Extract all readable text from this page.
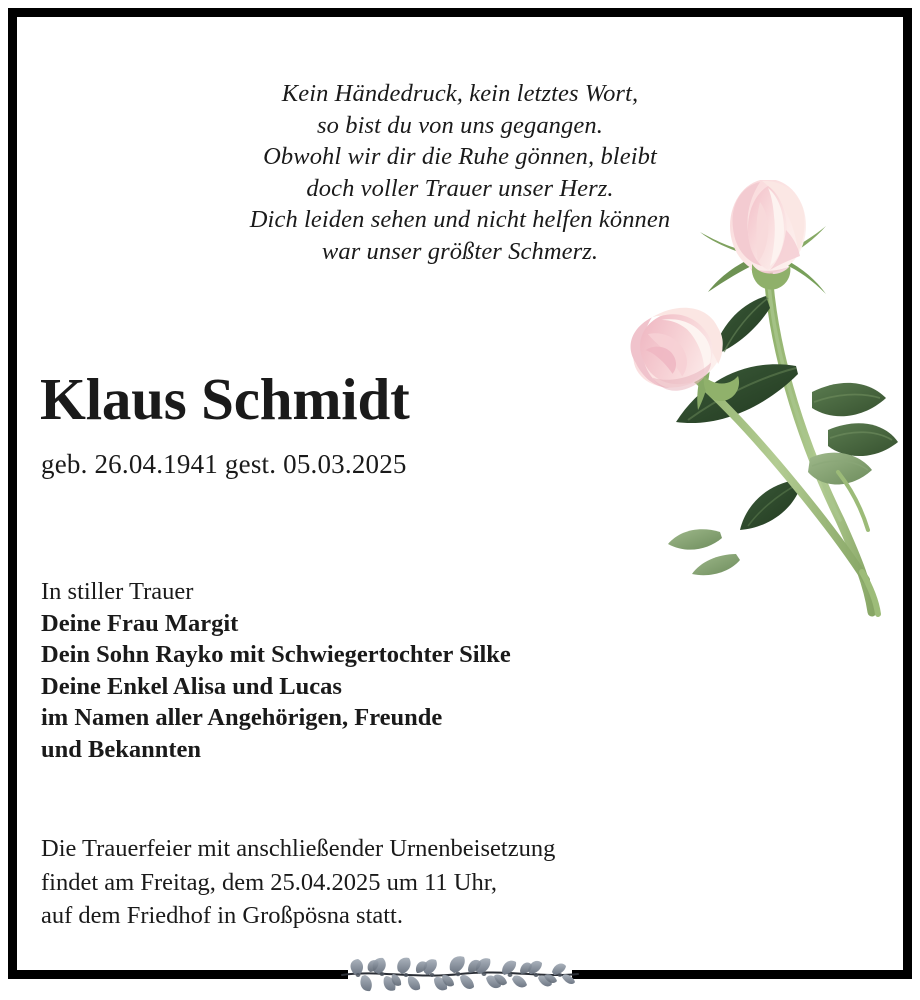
Kein Händedruck, kein letztes Wort,
so bist du von uns gegangen.
Obwohl wir dir die Ruhe gönnen, bleibt
doch voller Trauer unser Herz.
Dich leiden sehen und nicht helfen können
war unser größter Schmerz.
Klaus Schmidt
geb. 26.04.1941 gest. 05.03.2025
In stiller Trauer
Deine Frau Margit
Dein Sohn Rayko mit Schwiegertochter Silke
Deine Enkel Alisa und Lucas
im Namen aller Angehörigen, Freunde
und Bekannten
Die Trauerfeier mit anschließender Urnenbeisetzung
findet am Freitag, dem 25.04.2025 um 11 Uhr,
auf dem Friedhof in Großpösna statt.
